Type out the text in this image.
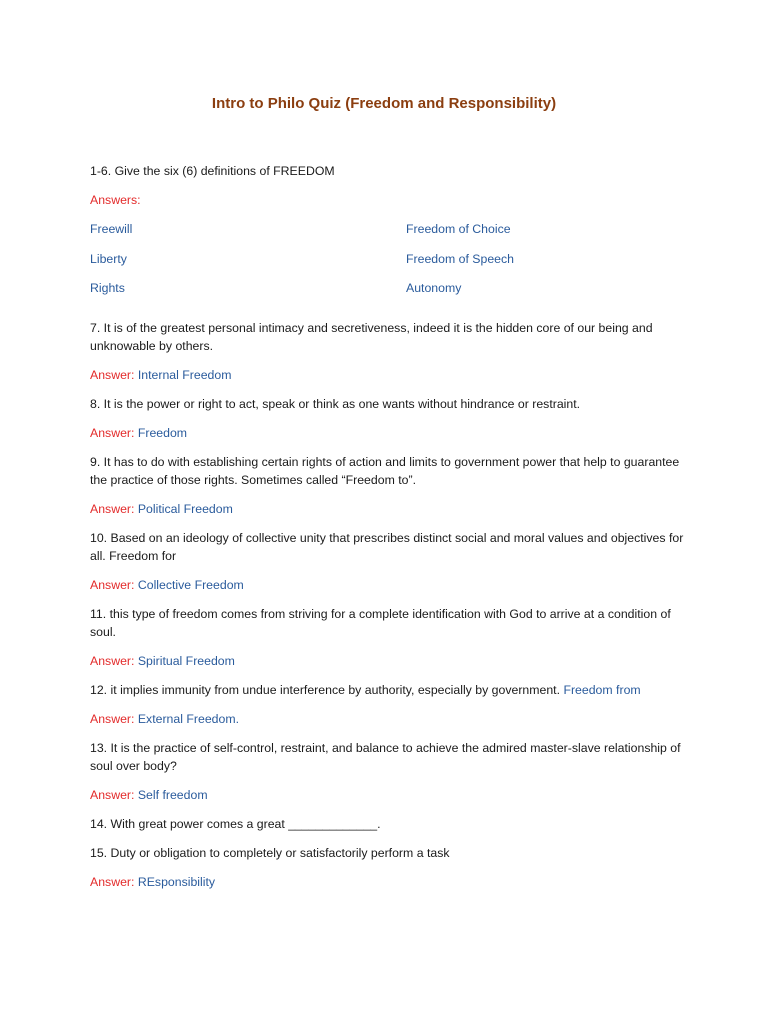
Intro to Philo Quiz (Freedom and Responsibility)

1-6. Give the six (6) definitions of FREEDOM

Answers:

Freewill	Freedom of Choice
Liberty	Freedom of Speech
Rights	Autonomy

7. It is of the greatest personal intimacy and secretiveness, indeed it is the hidden core of our being and unknowable by others.

Answer: Internal Freedom

8. It is the power or right to act, speak or think as one wants without hindrance or restraint.

Answer: Freedom

9. It has to do with establishing certain rights of action and limits to government power that help to guarantee the practice of those rights. Sometimes called “Freedom to”.

Answer: Political Freedom

10. Based on an ideology of collective unity that prescribes distinct social and moral values and objectives for all. Freedom for

Answer: Collective Freedom

11. this type of freedom comes from striving for a complete identification with God to arrive at a condition of soul.

Answer: Spiritual Freedom

12. it implies immunity from undue interference by authority, especially by government. Freedom from

Answer: External Freedom.

13. It is the practice of self-control, restraint, and balance to achieve the admired master-slave relationship of soul over body?

Answer: Self freedom

14. With great power comes a great _____________.

15. Duty or obligation to completely or satisfactorily perform a task

Answer: REsponsibility
